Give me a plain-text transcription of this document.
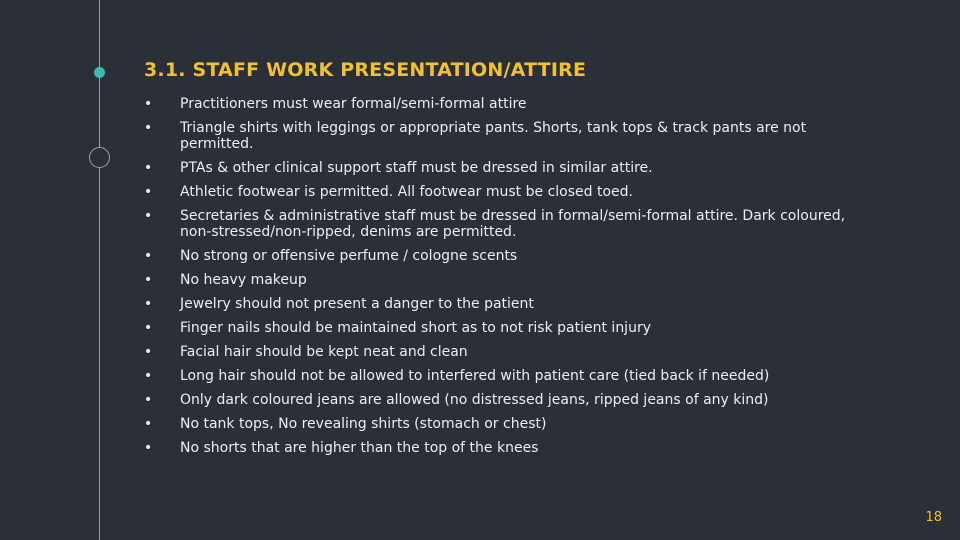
3.1. STAFF WORK PRESENTATION/ATTIRE
• Practitioners must wear formal/semi-formal attire
• Triangle shirts with leggings or appropriate pants. Shorts, tank tops & track pants are not permitted.
• PTAs & other clinical support staff must be dressed in similar attire.
• Athletic footwear is permitted. All footwear must be closed toed.
• Secretaries & administrative staff must be dressed in formal/semi-formal attire. Dark coloured, non-stressed/non-ripped, denims are permitted.
• No strong or offensive perfume / cologne scents
• No heavy makeup
• Jewelry should not present a danger to the patient
• Finger nails should be maintained short as to not risk patient injury
• Facial hair should be kept neat and clean
• Long hair should not be allowed to interfered with patient care (tied back if needed)
• Only dark coloured jeans are allowed (no distressed jeans, ripped jeans of any kind)
• No tank tops, No revealing shirts (stomach or chest)
• No shorts that are higher than the top of the knees
18
